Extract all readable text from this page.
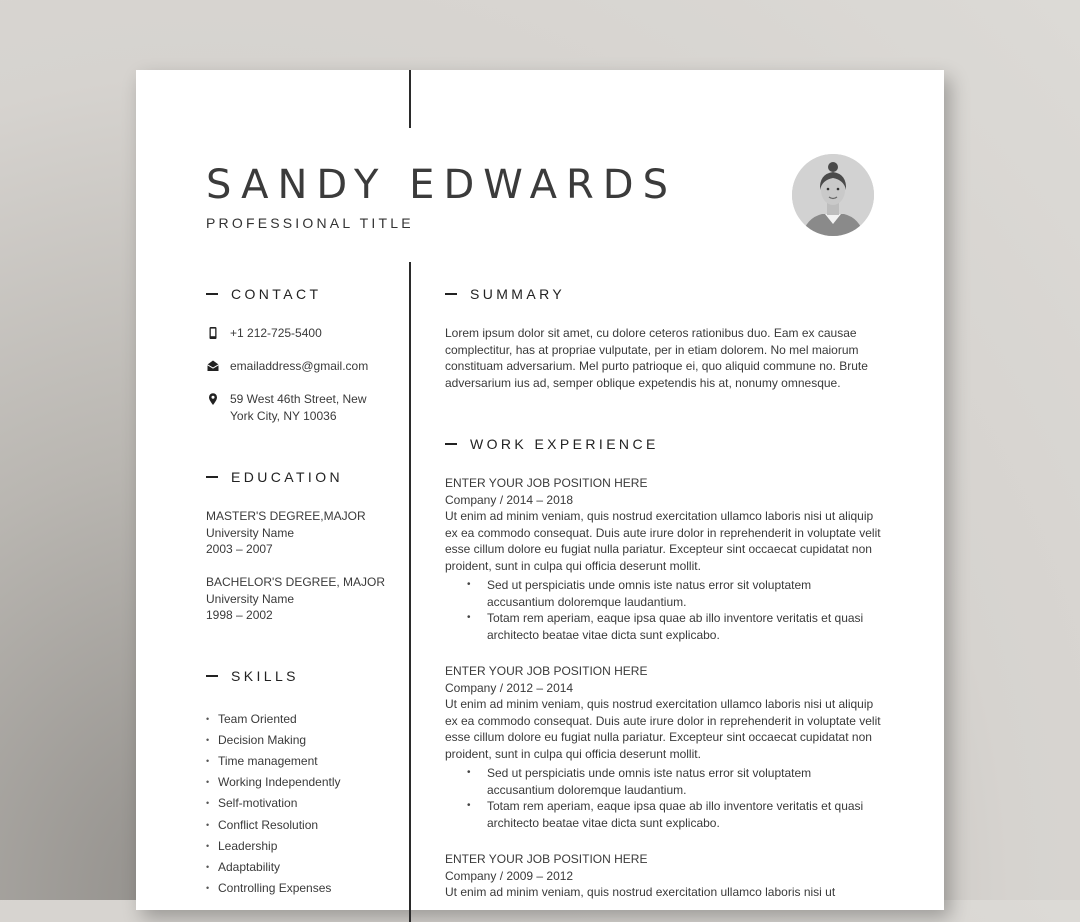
SANDY EDWARDS
PROFESSIONAL TITLE
CONTACT
+1 212-725-5400
emailaddress@gmail.com
59 West 46th Street, New York City, NY 10036
EDUCATION
MASTER'S DEGREE,MAJOR
University Name
2003 – 2007
BACHELOR'S DEGREE, MAJOR
University Name
1998 – 2002
SKILLS
• Team Oriented
• Decision Making
• Time management
• Working Independently
• Self-motivation
• Conflict Resolution
• Leadership
• Adaptability
• Controlling Expenses
SUMMARY

Lorem ipsum dolor sit amet, cu dolore ceteros rationibus duo. Eam ex causae complectitur, has at propriae vulputate, per in etiam dolorem. No mel maiorum constituam adversarium. Mel purto patrioque ei, quo aliquid commune no. Brute adversarium ius ad, semper oblique expetendis his at, nonumy omnesque.

WORK EXPERIENCE
ENTER YOUR JOB POSITION HERE
Company / 2014 – 2018
Ut enim ad minim veniam, quis nostrud exercitation ullamco laboris nisi ut aliquip ex ea commodo consequat. Duis aute irure dolor in reprehenderit in voluptate velit esse cillum dolore eu fugiat nulla pariatur. Excepteur sint occaecat cupidatat non proident, sunt in culpa qui officia deserunt mollit.
• Sed ut perspiciatis unde omnis iste natus error sit voluptatem accusantium doloremque laudantium.
• Totam rem aperiam, eaque ipsa quae ab illo inventore veritatis et quasi architecto beatae vitae dicta sunt explicabo.
ENTER YOUR JOB POSITION HERE
Company / 2012 – 2014
Ut enim ad minim veniam, quis nostrud exercitation ullamco laboris nisi ut aliquip ex ea commodo consequat. Duis aute irure dolor in reprehenderit in voluptate velit esse cillum dolore eu fugiat nulla pariatur. Excepteur sint occaecat cupidatat non proident, sunt in culpa qui officia deserunt mollit.
• Sed ut perspiciatis unde omnis iste natus error sit voluptatem accusantium doloremque laudantium.
• Totam rem aperiam, eaque ipsa quae ab illo inventore veritatis et quasi architecto beatae vitae dicta sunt explicabo.
ENTER YOUR JOB POSITION HERE
Company / 2009 – 2012
Ut enim ad minim veniam, quis nostrud exercitation ullamco laboris nisi ut
